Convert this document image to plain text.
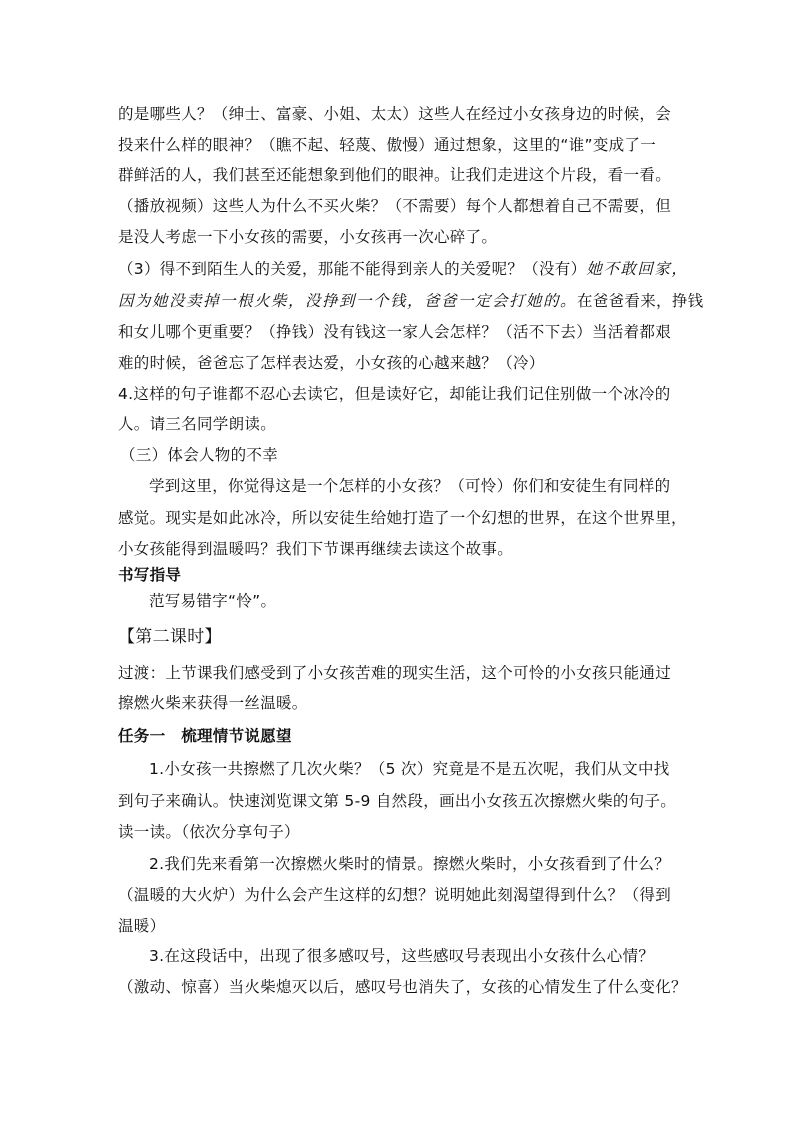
的是哪些人？（绅士、富豪、小姐、太太）这些人在经过小女孩身边的时候，会
投来什么样的眼神？（瞧不起、轻蔑、傲慢）通过想象，这里的“谁”变成了一
群鲜活的人，我们甚至还能想象到他们的眼神。让我们走进这个片段，看一看。
（播放视频）这些人为什么不买火柴？（不需要）每个人都想着自己不需要，但
是没人考虑一下小女孩的需要，小女孩再一次心碎了。
（3）得不到陌生人的关爱，那能不能得到亲人的关爱呢？（没有）她不敢回家，
因为她没卖掉一根火柴，没挣到一个钱，爸爸一定会打她的。在爸爸看来，挣钱
和女儿哪个更重要？（挣钱）没有钱这一家人会怎样？（活不下去）当活着都艰
难的时候，爸爸忘了怎样表达爱，小女孩的心越来越？（冷）
4.这样的句子谁都不忍心去读它，但是读好它，却能让我们记住别做一个冰冷的
人。请三名同学朗读。
（三）体会人物的不幸
学到这里，你觉得这是一个怎样的小女孩？（可怜）你们和安徒生有同样的
感觉。现实是如此冰冷，所以安徒生给她打造了一个幻想的世界，在这个世界里，
小女孩能得到温暖吗？我们下节课再继续去读这个故事。
书写指导
范写易错字“怜”。
【第二课时】
过渡：上节课我们感受到了小女孩苦难的现实生活，这个可怜的小女孩只能通过
擦燃火柴来获得一丝温暖。
任务一　梳理情节说愿望
1.小女孩一共擦燃了几次火柴？（5 次）究竟是不是五次呢，我们从文中找
到句子来确认。快速浏览课文第 5-9 自然段，画出小女孩五次擦燃火柴的句子。
读一读。（依次分享句子）
2.我们先来看第一次擦燃火柴时的情景。擦燃火柴时，小女孩看到了什么？
（温暖的大火炉）为什么会产生这样的幻想？说明她此刻渴望得到什么？（得到
温暖）
3.在这段话中，出现了很多感叹号，这些感叹号表现出小女孩什么心情？
（激动、惊喜）当火柴熄灭以后，感叹号也消失了，女孩的心情发生了什么变化？
